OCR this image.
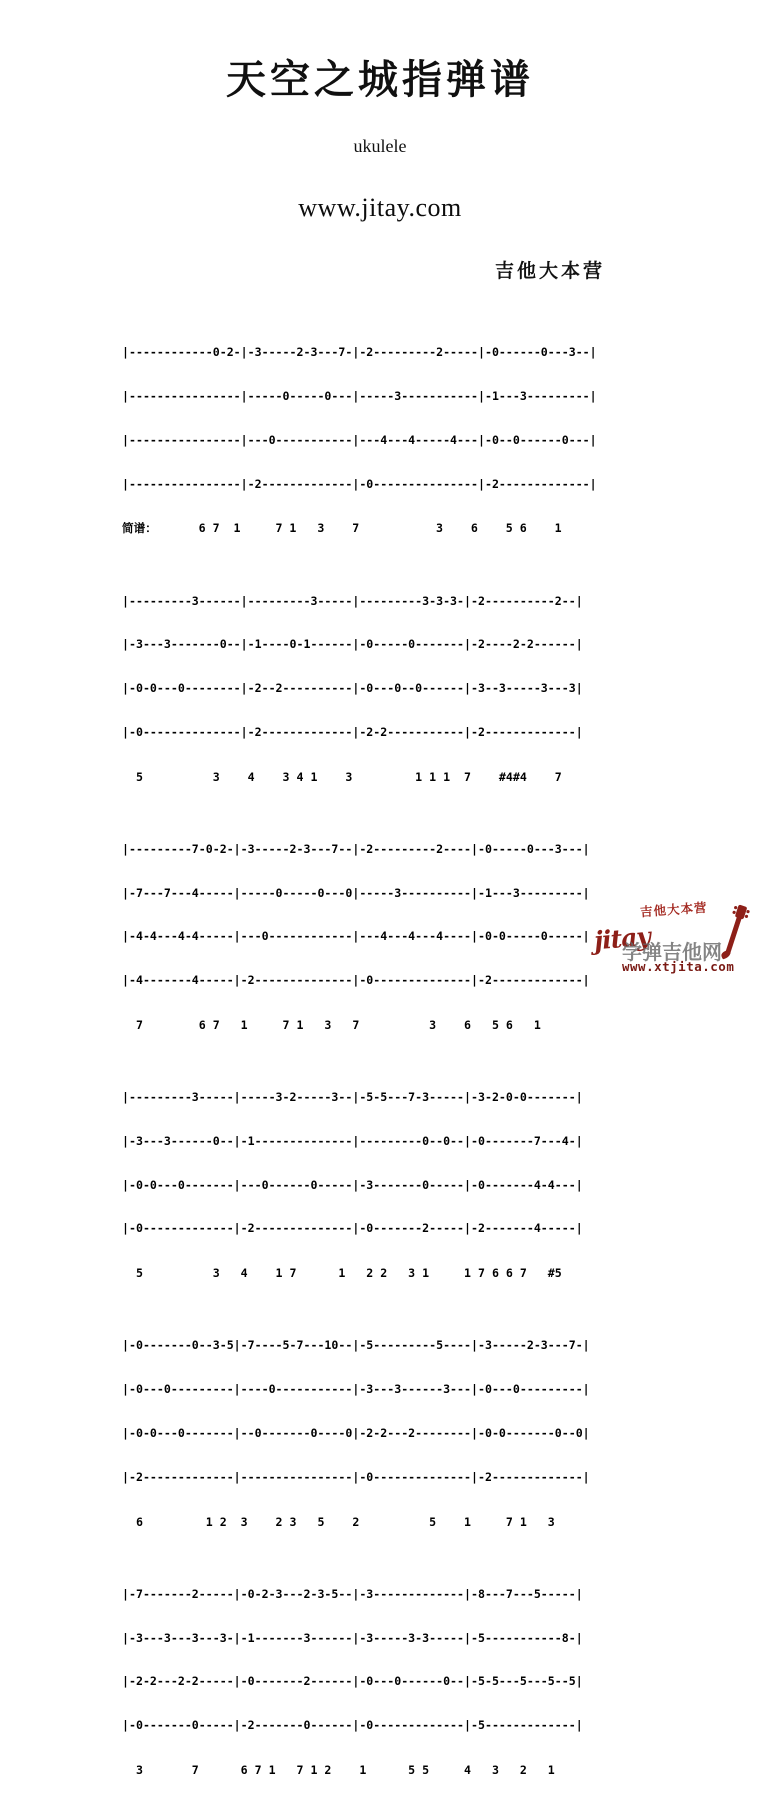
天空之城指弹谱
ukulele
www.jitay.com
吉他大本营

|------------0-2-|-3-----2-3---7-|-2---------2-----|-0------0---3--|

|----------------|-----0-----0---|-----3-----------|-1---3---------|

|----------------|---0-----------|---4---4-----4---|-0--0------0---|

|----------------|-2-------------|-0---------------|-2-------------|

简谱：      6 7  1     7 1   3    7           3    6    5 6    1

|---------3------|---------3-----|---------3-3-3-|-2----------2--|

|-3---3-------0--|-1----0-1------|-0-----0-------|-2----2-2------|

|-0-0---0--------|-2--2----------|-0---0--0------|-3--3-----3---3|

|-0--------------|-2-------------|-2-2-----------|-2-------------|

5          3    4    3 4 1    3         1 1 1  7    #4#4    7

|---------7-0-2-|-3-----2-3---7--|-2---------2----|-0-----0---3---|

|-7---7---4-----|-----0-----0---0|-----3----------|-1---3---------|

|-4-4---4-4-----|---0------------|---4---4---4----|-0-0-----0-----|

|-4-------4-----|-2--------------|-0--------------|-2-------------|

7        6 7   1     7 1   3   7          3    6   5 6   1

|---------3-----|-----3-2-----3--|-5-5---7-3-----|-3-2-0-0-------|

|-3---3------0--|-1--------------|---------0--0--|-0-------7---4-|

|-0-0---0-------|---0------0-----|-3-------0-----|-0-------4-4---|

|-0-------------|-2--------------|-0-------2-----|-2-------4-----|

5          3   4    1 7      1   2 2   3 1     1 7 6 6 7   #5

|-0-------0--3-5|-7----5-7---10--|-5---------5----|-3-----2-3---7-|

|-0---0---------|----0-----------|-3---3------3---|-0---0---------|

|-0-0---0-------|--0-------0----0|-2-2---2--------|-0-0-------0--0|

|-2-------------|----------------|-0--------------|-2-------------|

6         1 2  3    2 3   5    2          5    1     7 1   3

|-7-------2-----|-0-2-3---2-3-5--|-3-------------|-8---7---5-----|

|-3---3---3---3-|-1-------3------|-3-----3-3-----|-5-----------8-|

|-2-2---2-2-----|-0-------2------|-0---0------0--|-5-5---5---5--5|

|-0-------0-----|-2-------0------|-0-------------|-5-------------|

3       7      6 7 1   7 1 2    1      5 5     4   3   2   1
吉他大本营
jitay
学弹吉他网
www.xtjita.com
